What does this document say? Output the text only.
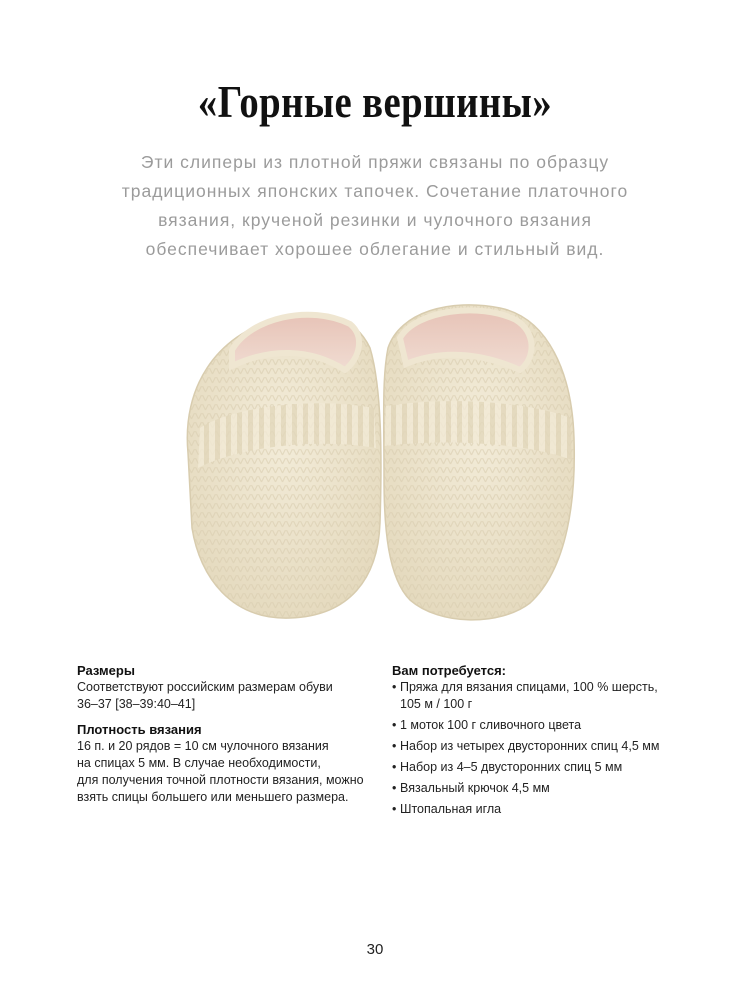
«Горные вершины»
Эти слиперы из плотной пряжи связаны по образцу
традиционных японских тапочек. Сочетание платочного
вязания, крученой резинки и чулочного вязания
обеспечивает хорошее облегание и стильный вид.
Размеры
Соответствуют российским размерам обуви
36–37 [38–39:40–41]
Плотность вязания
16 п. и 20 рядов = 10 см чулочного вязания
на спицах 5 мм. В случае необходимости,
для получения точной плотности вязания, можно
взять спицы большего или меньшего размера.
Вам потребуется:
• Пряжа для вязания спицами, 100 % шерсть,
105 м / 100 г
• 1 моток 100 г сливочного цвета
• Набор из четырех двусторонних спиц 4,5 мм
• Набор из 4–5 двусторонних спиц 5 мм
• Вязальный крючок 4,5 мм
• Штопальная игла
30
